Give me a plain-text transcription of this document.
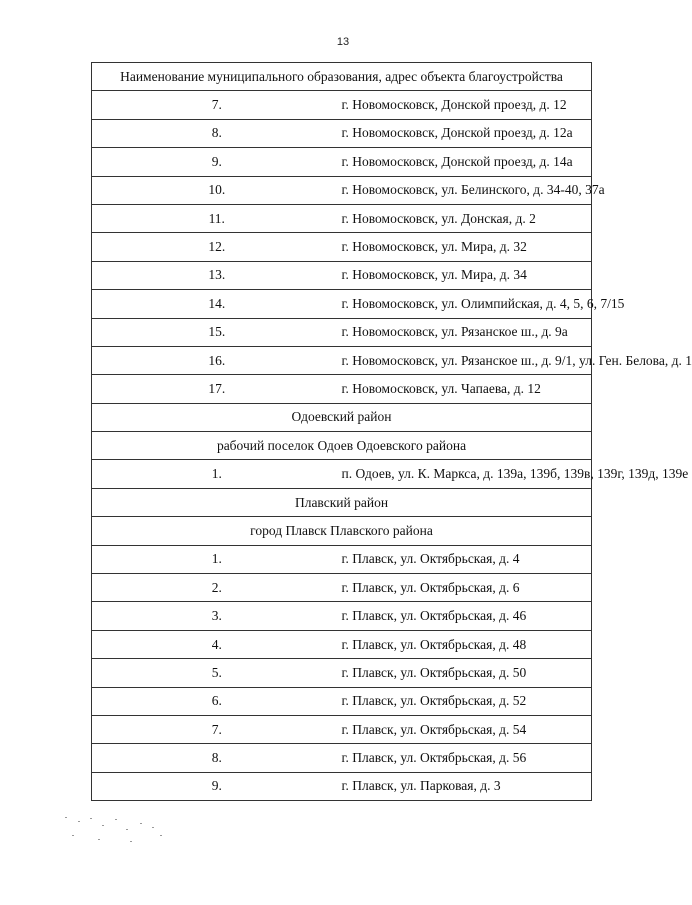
13
Наименование муниципального образования, адрес объекта благоустройства	
7.	г. Новомосковск, Донской проезд, д. 12
8.	г. Новомосковск, Донской проезд, д. 12а
9.	г. Новомосковск, Донской проезд, д. 14а
10.	г. Новомосковск, ул. Белинского, д. 34-40, 37а
11.	г. Новомосковск, ул. Донская, д. 2
12.	г. Новомосковск, ул. Мира, д. 32
13.	г. Новомосковск, ул. Мира, д. 34
14.	г. Новомосковск, ул. Олимпийская, д. 4, 5, 6, 7/15
15.	г. Новомосковск, ул. Рязанское ш., д. 9а
16.	г. Новомосковск, ул. Рязанское ш., д. 9/1, ул. Ген. Белова, д. 1
17.	г. Новомосковск, ул. Чапаева, д. 12
Одоевский район	
рабочий поселок Одоев Одоевского района	
1.	п. Одоев, ул. К. Маркса, д. 139а, 139б, 139в, 139г, 139д, 139е
Плавский район	
город Плавск Плавского района	
1.	г. Плавск, ул. Октябрьская, д. 4
2.	г. Плавск, ул. Октябрьская, д. 6
3.	г. Плавск, ул. Октябрьская, д. 46
4.	г. Плавск, ул. Октябрьская, д. 48
5.	г. Плавск, ул. Октябрьская, д. 50
6.	г. Плавск, ул. Октябрьская, д. 52
7.	г. Плавск, ул. Октябрьская, д. 54
8.	г. Плавск, ул. Октябрьская, д. 56
9.	г. Плавск, ул. Парковая, д. 3
